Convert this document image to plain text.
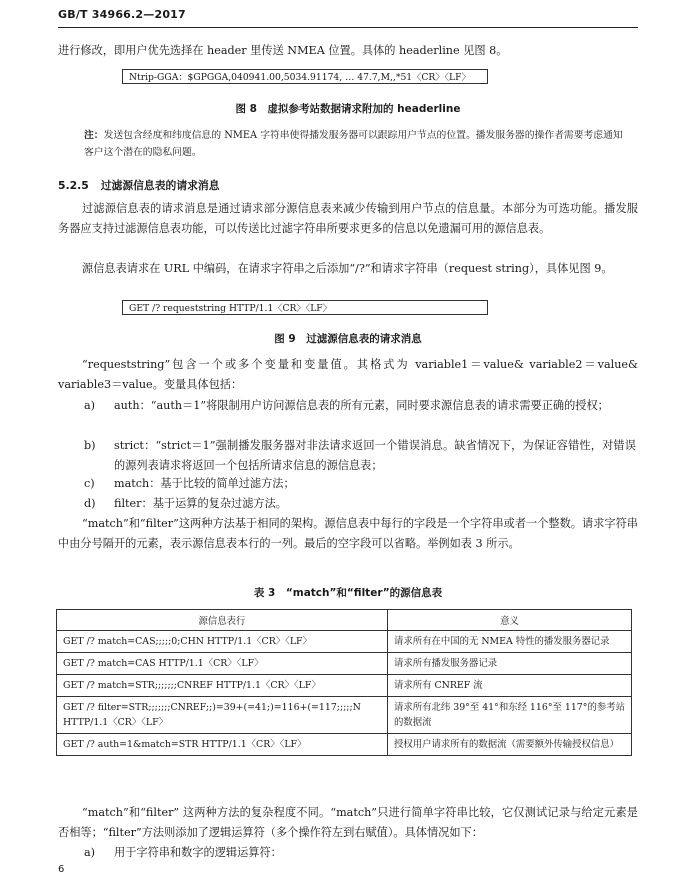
GB/T 34966.2—2017

进行修改，即用户优先选择在 header 里传送 NMEA 位置。具体的 headerline 见图 8。

Ntrip-GGA：$GPGGA,040941.00,5034.91174, … 47.7,M,,*51〈CR〉〈LF〉
图 8　虚拟参考站数据请求附加的 headerline
注：发送包含经度和纬度信息的 NMEA 字符串使得播发服务器可以跟踪用户节点的位置。播发服务器的操作者需要考虑通知客户这个潜在的隐私问题。
5.2.5 过滤源信息表的请求消息

过滤源信息表的请求消息是通过请求部分源信息表来减少传输到用户节点的信息量。本部分为可选功能。播发服务器应支持过滤源信息表功能，可以传送比过滤字符串所要求更多的信息以免遗漏可用的源信息表。

源信息表请求在 URL 中编码，在请求字符串之后添加“/?”和请求字符串（request string），具体见图 9。

GET /? requeststring HTTP/1.1〈CR〉〈LF〉
图 9　过滤源信息表的请求消息

“requeststring”包含一个或多个变量和变量值。其格式为 variable1＝value& variable2＝value& variable3＝value。变量具体包括：

a) auth：“auth＝1”将限制用户访问源信息表的所有元素，同时要求源信息表的请求需要正确的授权；
b) strict：“strict＝1”强制播发服务器对非法请求返回一个错误消息。缺省情况下，为保证容错性，对错误的源列表请求将返回一个包括所请求信息的源信息表；
c) match：基于比较的简单过滤方法；
d) filter：基于运算的复杂过滤方法。

“match”和“filter”这两种方法基于相同的架构。源信息表中每行的字段是一个字符串或者一个整数。请求字符串中由分号隔开的元素，表示源信息表本行的一列。最后的空字段可以省略。举例如表 3 所示。

表 3　“match”和“filter”的源信息表
源信息表行	意义
GET /? match=CAS;;;;;0;CHN HTTP/1.1〈CR〉〈LF〉	请求所有在中国的无 NMEA 特性的播发服务器记录
GET /? match=CAS HTTP/1.1〈CR〉〈LF〉	请求所有播发服务器记录
GET /? match=STR;;;;;;;CNREF HTTP/1.1〈CR〉〈LF〉	请求所有 CNREF 流
GET /? filter=STR;;;;;;;CNREF;;)=39+(=41;)=116+(=117;;;;;N HTTP/1.1〈CR〉〈LF〉	请求所有北纬 39°至 41°和东经 116°至 117°的参考站的数据流
GET /? auth=1&match=STR HTTP/1.1〈CR〉〈LF〉	授权用户请求所有的数据流（需要额外传输授权信息）

“match”和“filter” 这两种方法的复杂程度不同。“match”只进行简单字符串比较，它仅测试记录与给定元素是否相等；“filter”方法则添加了逻辑运算符（多个操作符左到右赋值）。具体情况如下：

a) 用于字符串和数字的逻辑运算符：
6
